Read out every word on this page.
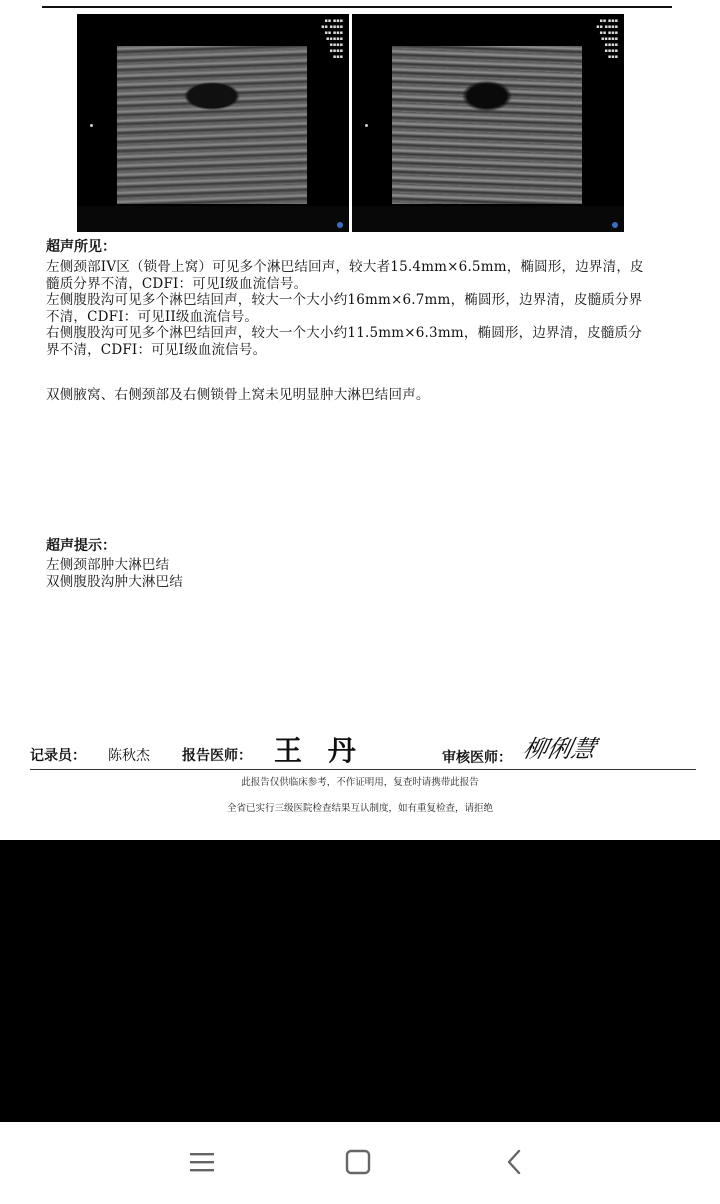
▪▪ ▪▪▪
▪▪ ▪▪▪▪
▪▪ ▪▪▪
▪▪▪▪▪
▪▪▪▪
▪▪▪▪
▪▪▪
▪▪ ▪▪▪
▪▪ ▪▪▪▪
▪▪ ▪▪▪
▪▪▪▪▪
▪▪▪▪
▪▪▪▪
▪▪▪
超声所见：
左侧颈部IV区（锁骨上窝）可见多个淋巴结回声，较大者15.4mm×6.5mm，椭圆形，边界清，皮
髓质分界不清，CDFI：可见I级血流信号。
左侧腹股沟可见多个淋巴结回声，较大一个大小约16mm×6.7mm，椭圆形，边界清，皮髓质分界
不清，CDFI：可见II级血流信号。
右侧腹股沟可见多个淋巴结回声，较大一个大小约11.5mm×6.3mm，椭圆形，边界清，皮髓质分
界不清，CDFI：可见I级血流信号。
双侧腋窝、右侧颈部及右侧锁骨上窝未见明显肿大淋巴结回声。
超声提示：
左侧颈部肿大淋巴结
双侧腹股沟肿大淋巴结
记录员： 陈秋杰 报告医师： 王 丹	审核医师： 柳俐慧
此报告仅供临床参考，不作证明用，复查时请携带此报告
全省已实行三级医院检查结果互认制度，如有重复检查，请拒绝
